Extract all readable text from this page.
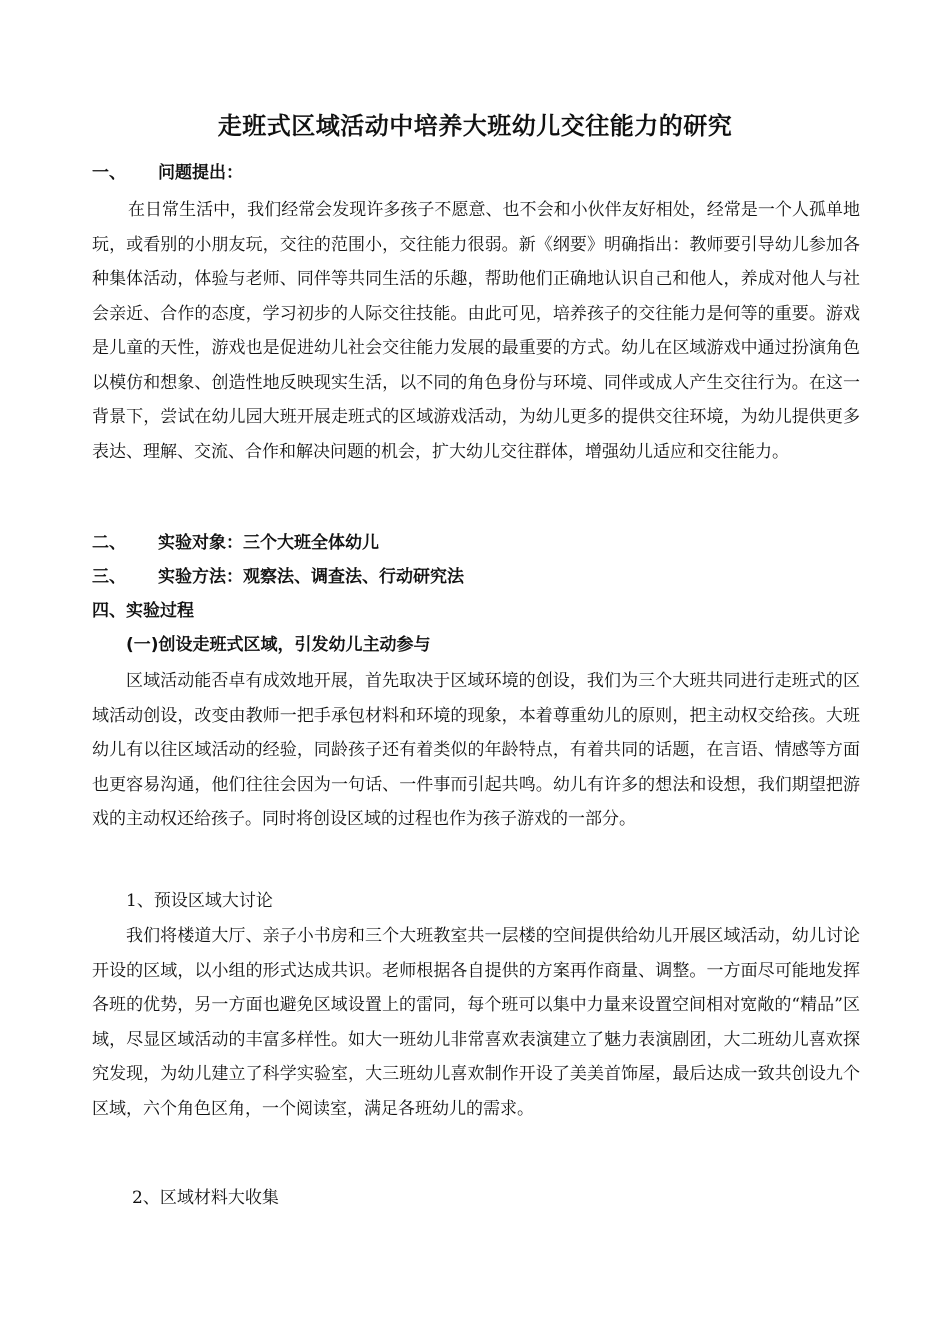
走班式区域活动中培养大班幼儿交往能力的研究
一、 问题提出：

在日常生活中，我们经常会发现许多孩子不愿意、也不会和小伙伴友好相处，经常是一个人孤单地玩，或看别的小朋友玩，交往的范围小，交往能力很弱。新《纲要》明确指出：教师要引导幼儿参加各种集体活动，体验与老师、同伴等共同生活的乐趣，帮助他们正确地认识自己和他人，养成对他人与社会亲近、合作的态度，学习初步的人际交往技能。由此可见，培养孩子的交往能力是何等的重要。游戏是儿童的天性，游戏也是促进幼儿社会交往能力发展的最重要的方式。幼儿在区域游戏中通过扮演角色以模仿和想象、创造性地反映现实生活，以不同的角色身份与环境、同伴或成人产生交往行为。在这一背景下，尝试在幼儿园大班开展走班式的区域游戏活动，为幼儿更多的提供交往环境，为幼儿提供更多表达、理解、交流、合作和解决问题的机会，扩大幼儿交往群体，增强幼儿适应和交往能力。

二、 实验对象：三个大班全体幼儿
三、 实验方法：观察法、调查法、行动研究法
四、实验过程
(一)创设走班式区域，引发幼儿主动参与

区域活动能否卓有成效地开展，首先取决于区域环境的创设，我们为三个大班共同进行走班式的区域活动创设，改变由教师一把手承包材料和环境的现象，本着尊重幼儿的原则，把主动权交给孩。大班幼儿有以往区域活动的经验，同龄孩子还有着类似的年龄特点，有着共同的话题，在言语、情感等方面也更容易沟通，他们往往会因为一句话、一件事而引起共鸣。幼儿有许多的想法和设想，我们期望把游戏的主动权还给孩子。同时将创设区域的过程也作为孩子游戏的一部分。

1、预设区域大讨论

我们将楼道大厅、亲子小书房和三个大班教室共一层楼的空间提供给幼儿开展区域活动，幼儿讨论开设的区域，以小组的形式达成共识。老师根据各自提供的方案再作商量、调整。一方面尽可能地发挥各班的优势，另一方面也避免区域设置上的雷同，每个班可以集中力量来设置空间相对宽敞的“精品”区域，尽显区域活动的丰富多样性。如大一班幼儿非常喜欢表演建立了魅力表演剧团，大二班幼儿喜欢探究发现，为幼儿建立了科学实验室，大三班幼儿喜欢制作开设了美美首饰屋，最后达成一致共创设九个区域，六个角色区角，一个阅读室，满足各班幼儿的需求。

2、区域材料大收集
